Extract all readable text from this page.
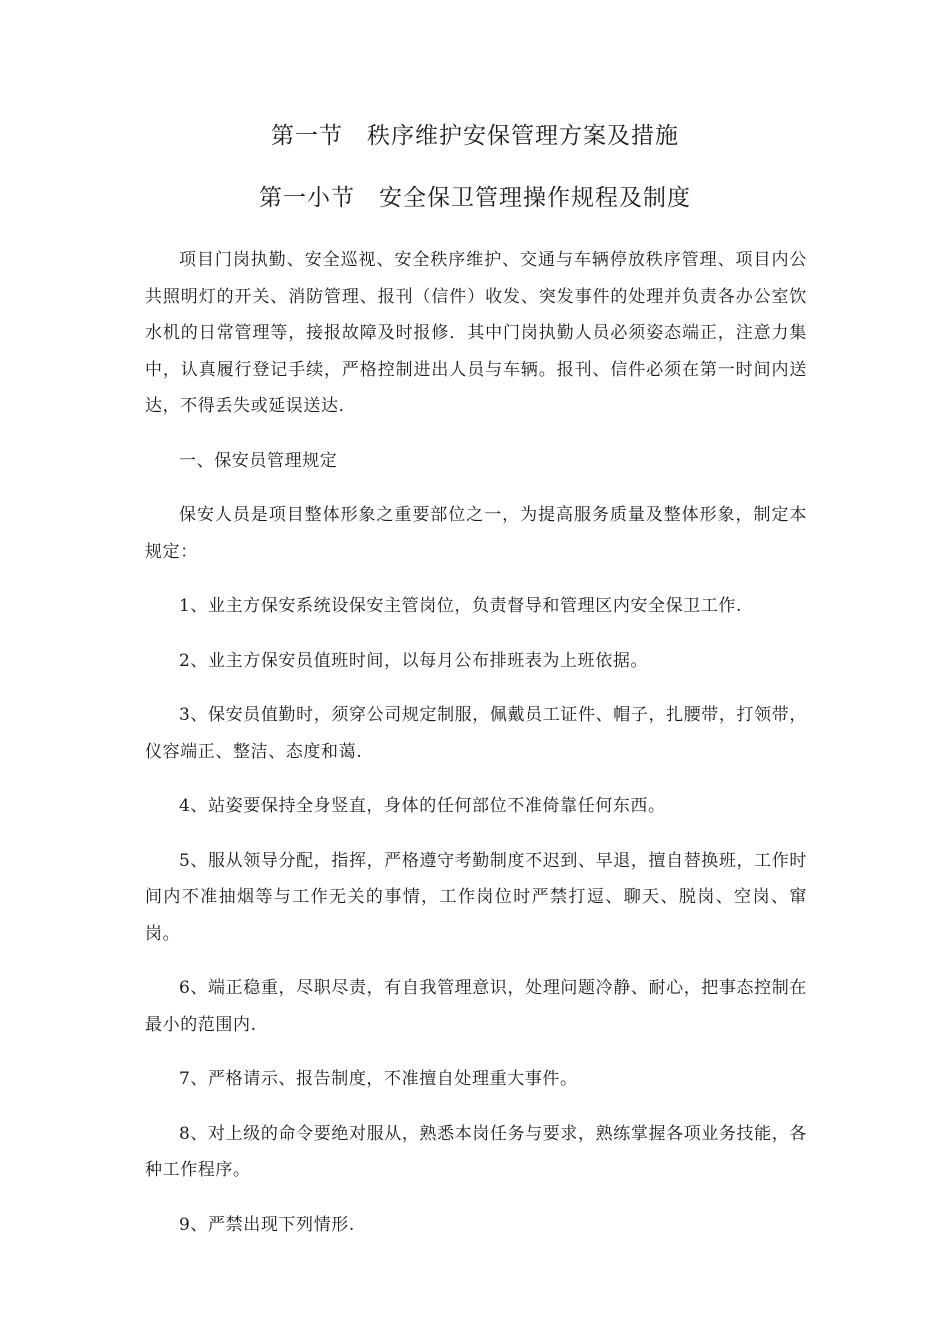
第一节　秩序维护安保管理方案及措施
第一小节　安全保卫管理操作规程及制度

项目门岗执勤、安全巡视、安全秩序维护、交通与车辆停放秩序管理、项目内公共照明灯的开关、消防管理、报刊（信件）收发、突发事件的处理并负责各办公室饮水机的日常管理等，接报故障及时报修．其中门岗执勤人员必须姿态端正，注意力集中，认真履行登记手续，严格控制进出人员与车辆。报刊、信件必须在第一时间内送达，不得丢失或延误送达．

一、保安员管理规定

保安人员是项目整体形象之重要部位之一，为提高服务质量及整体形象，制定本规定：

1、业主方保安系统设保安主管岗位，负责督导和管理区内安全保卫工作.

2、业主方保安员值班时间，以每月公布排班表为上班依据。

3、保安员值勤时，须穿公司规定制服，佩戴员工证件、帽子，扎腰带，打领带，仪容端正、整洁、态度和蔼.

4、站姿要保持全身竖直，身体的任何部位不准倚靠任何东西。

5、服从领导分配，指挥，严格遵守考勤制度不迟到、早退，擅自替换班，工作时间内不准抽烟等与工作无关的事情，工作岗位时严禁打逗、聊天、脱岗、空岗、窜岗。

6、端正稳重，尽职尽责，有自我管理意识，处理问题冷静、耐心，把事态控制在最小的范围内.

7、严格请示、报告制度，不准擅自处理重大事件。

8、对上级的命令要绝对服从，熟悉本岗任务与要求，熟练掌握各项业务技能，各种工作程序。

9、严禁出现下列情形.
